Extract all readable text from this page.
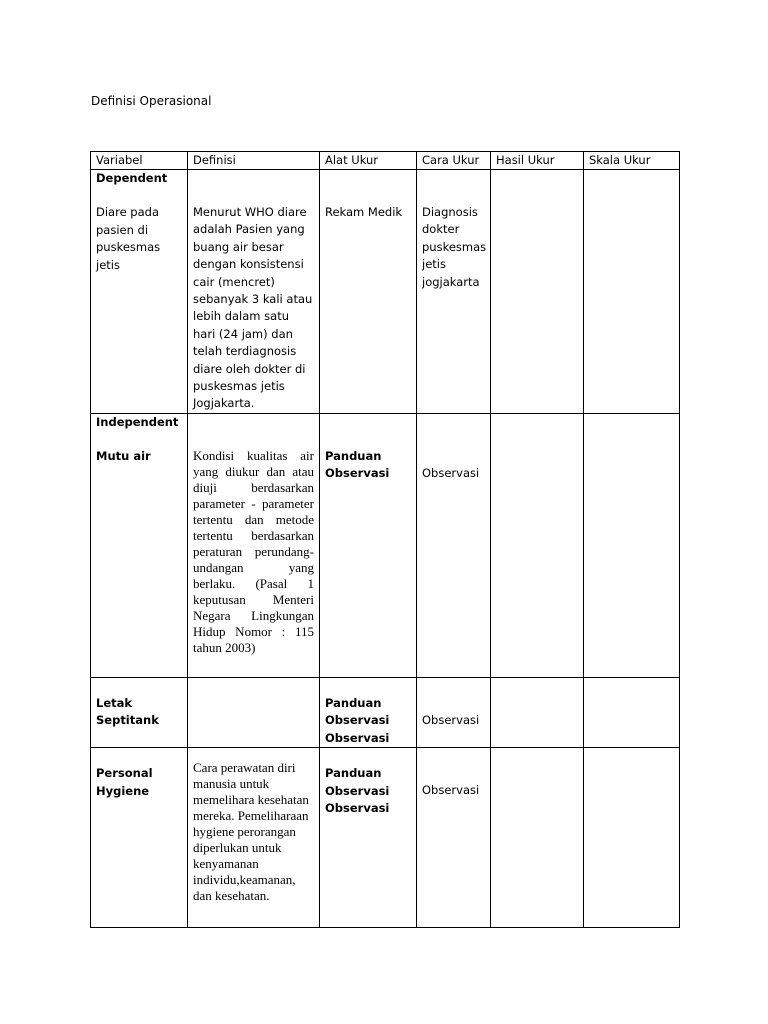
Definisi Operasional
Variabel	Definisi	Alat Ukur	Cara Ukur	Hasil Ukur	Skala Ukur

Dependent

Diare pada pasien di puskesmas jetis	Menurut WHO diare adalah Pasien yang buang air besar dengan konsistensi cair (mencret) sebanyak 3 kali atau lebih dalam satu hari (24 jam) dan telah terdiagnosis diare oleh dokter di puskesmas jetis Jogjakarta.	Rekam Medik	Diagnosis dokter puskesmas jetis jogjakarta		

Independent

Mutu air	Kondisi kualitas air yang diukur dan atau diuji berdasarkan parameter - parameter tertentu dan metode tertentu berdasarkan peraturan perundang-undangan yang berlaku. (Pasal 1 keputusan Menteri Negara Lingkungan Hidup Nomor : 115 tahun 2003)	Panduan Observasi	Observasi		

Letak Septitank		Panduan Observasi Observasi	Observasi		

Personal Hygiene	Cara perawatan diri manusia untuk memelihara kesehatan mereka. Pemeliharaan hygiene perorangan diperlukan untuk kenyamanan individu,keamanan, dan kesehatan.	Panduan Observasi Observasi	Observasi		
